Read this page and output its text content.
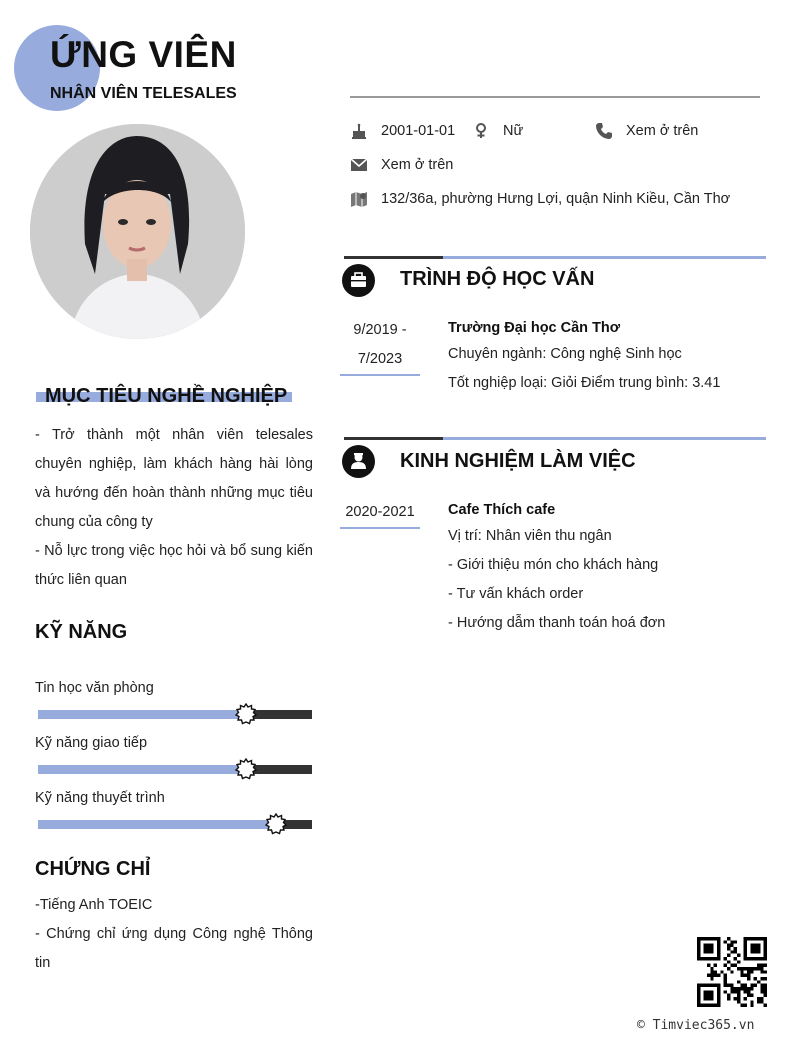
ỨNG VIÊN
NHÂN VIÊN TELESALES
2001-01-01	Nữ	Xem ở trên
Xem ở trên
132/36a, phường Hưng Lợi, quận Ninh Kiều, Cần Thơ
MỤC TIÊU NGHỀ NGHIỆP
- Trở thành một nhân viên telesales chuyên nghiệp, làm khách hàng hài lòng và hướng đến hoàn thành những mục tiêu chung của công ty
- Nỗ lực trong việc học hỏi và bổ sung kiến thức liên quan
KỸ NĂNG
Tin học văn phòng
Kỹ năng giao tiếp
Kỹ năng thuyết trình
CHỨNG CHỈ
-Tiếng Anh TOEIC
- Chứng chỉ ứng dụng Công nghệ Thông tin
TRÌNH ĐỘ HỌC VẤN
9/2019 -
7/2023
Trường Đại học Cần Thơ
Chuyên ngành: Công nghệ Sinh học
Tốt nghiệp loại: Giỏi Điểm trung bình: 3.41
KINH NGHIỆM LÀM VIỆC
2020-2021	Cafe Thích cafe
Vị trí: Nhân viên thu ngân
- Giới thiệu món cho khách hàng
- Tư vấn khách order
- Hướng dẫm thanh toán hoá đơn
© Timviec365.vn
